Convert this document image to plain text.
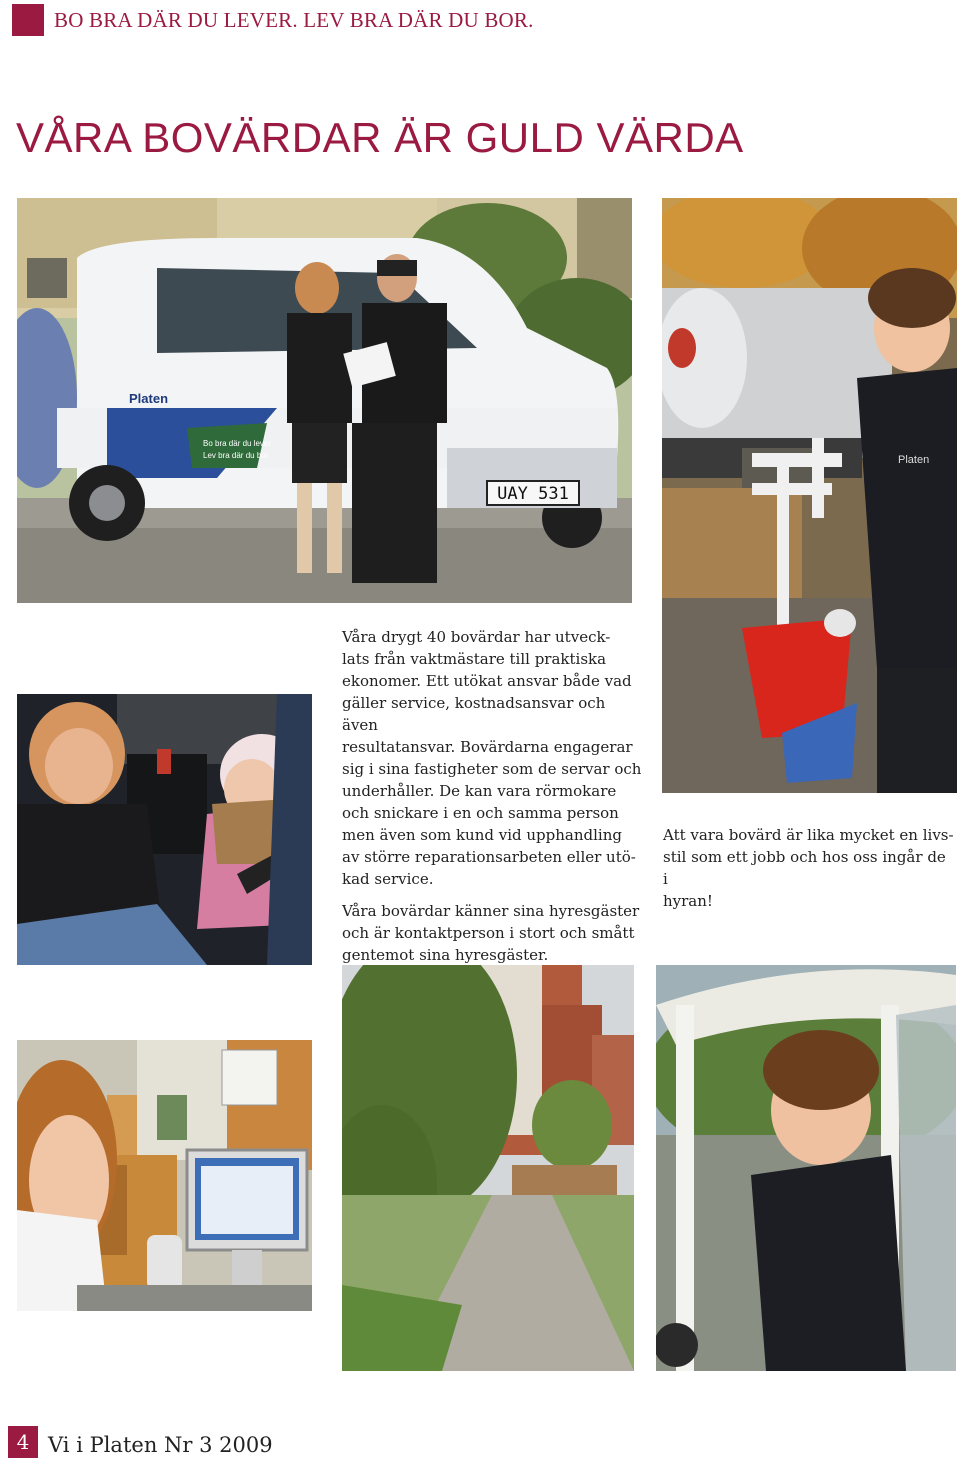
BO BRA DÄR DU LEVER. LEV BRA DÄR DU BOR.
VÅRA BOVÄRDAR ÄR GULD VÄRDA
Bo bra där du lever.
Lev bra där du bor.
Platen
UAY 531
Platen

Våra drygt 40 bovärdar har utveck-
lats från vaktmästare till praktiska
ekonomer. Ett utökat ansvar både vad
gäller service, kostnadsansvar och även
resultatansvar. Bovärdarna engagerar
sig i sina fastigheter som de servar och
underhåller. De kan vara rörmokare
och snickare i en och samma person
men även som kund vid upphandling
av större reparationsarbeten eller utö-
kad service.

Våra bovärdar känner sina hyresgäster
och är kontaktperson i stort och smått
gentemot sina hyresgäster.

Att vara bovärd är lika mycket en livs-
stil som ett jobb och hos oss ingår de i
hyran!

4 Vi i Platen Nr 3 2009
